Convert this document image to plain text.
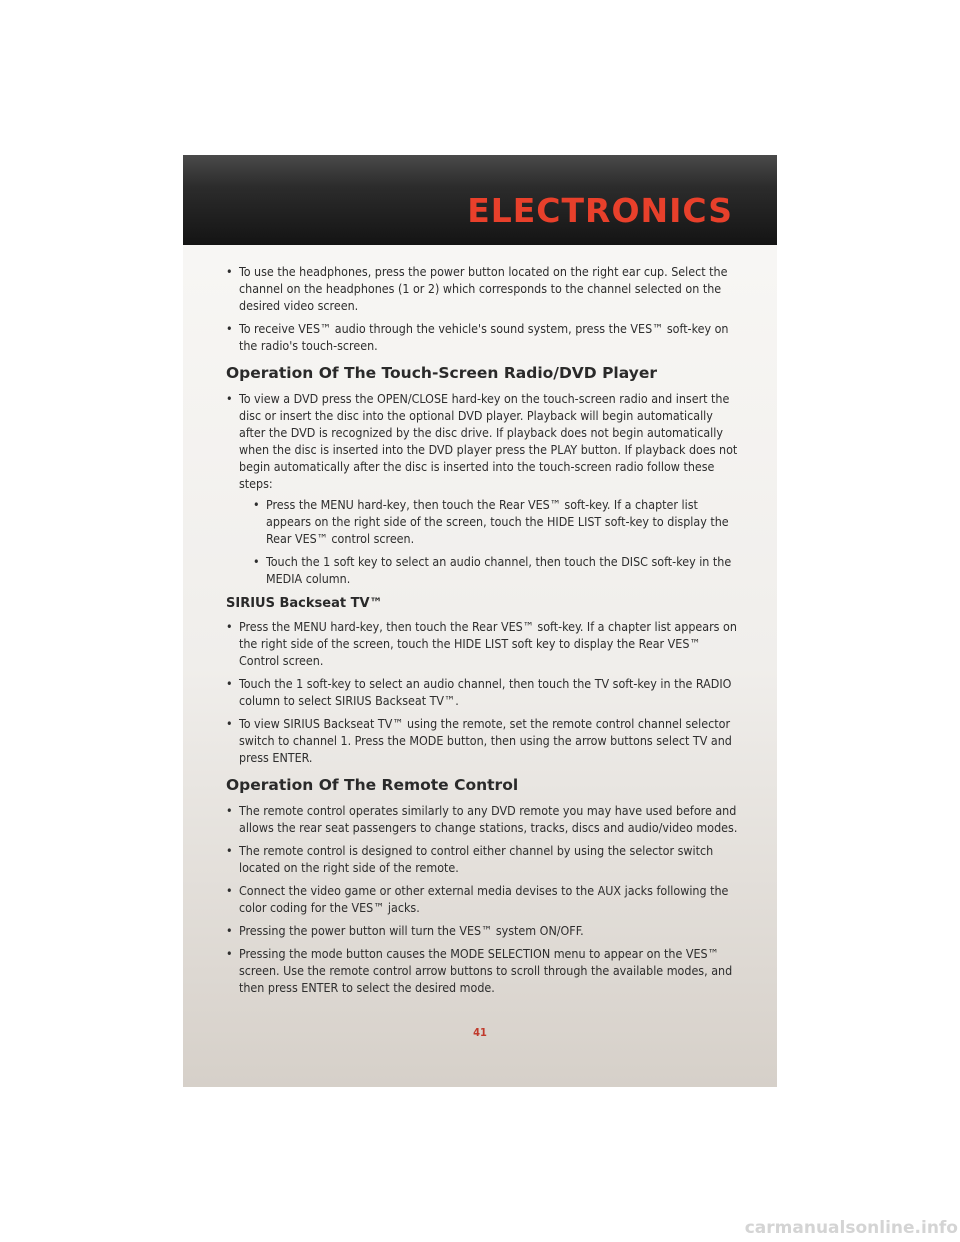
ELECTRONICS
• To use the headphones, press the power button located on the right ear cup. Select the channel on the headphones (1 or 2) which corresponds to the channel selected on the desired video screen.
• To receive VES™ audio through the vehicle's sound system, press the VES™ soft-key on the radio's touch-screen.
Operation Of The Touch-Screen Radio/DVD Player
• To view a DVD press the OPEN/CLOSE hard-key on the touch-screen radio and insert the disc or insert the disc into the optional DVD player. Playback will begin automatically after the DVD is recognized by the disc drive. If playback does not begin automatically when the disc is inserted into the DVD player press the PLAY button. If playback does not begin automatically after the disc is inserted into the touch-screen radio follow these steps:
• Press the MENU hard-key, then touch the Rear VES™ soft-key. If a chapter list appears on the right side of the screen, touch the HIDE LIST soft-key to display the Rear VES™ control screen.
• Touch the 1 soft key to select an audio channel, then touch the DISC soft-key in the MEDIA column.
SIRIUS Backseat TV™
• Press the MENU hard-key, then touch the Rear VES™ soft-key. If a chapter list appears on the right side of the screen, touch the HIDE LIST soft key to display the Rear VES™ Control screen.
• Touch the 1 soft-key to select an audio channel, then touch the TV soft-key in the RADIO column to select SIRIUS Backseat TV™.
• To view SIRIUS Backseat TV™ using the remote, set the remote control channel selector switch to channel 1. Press the MODE button, then using the arrow buttons select TV and press ENTER.
Operation Of The Remote Control
• The remote control operates similarly to any DVD remote you may have used before and allows the rear seat passengers to change stations, tracks, discs and audio/video modes.
• The remote control is designed to control either channel by using the selector switch located on the right side of the remote.
• Connect the video game or other external media devises to the AUX jacks following the color coding for the VES™ jacks.
• Pressing the power button will turn the VES™ system ON/OFF.
• Pressing the mode button causes the MODE SELECTION menu to appear on the VES™ screen. Use the remote control arrow buttons to scroll through the available modes, and then press ENTER to select the desired mode.
41
carmanualsonline.info
